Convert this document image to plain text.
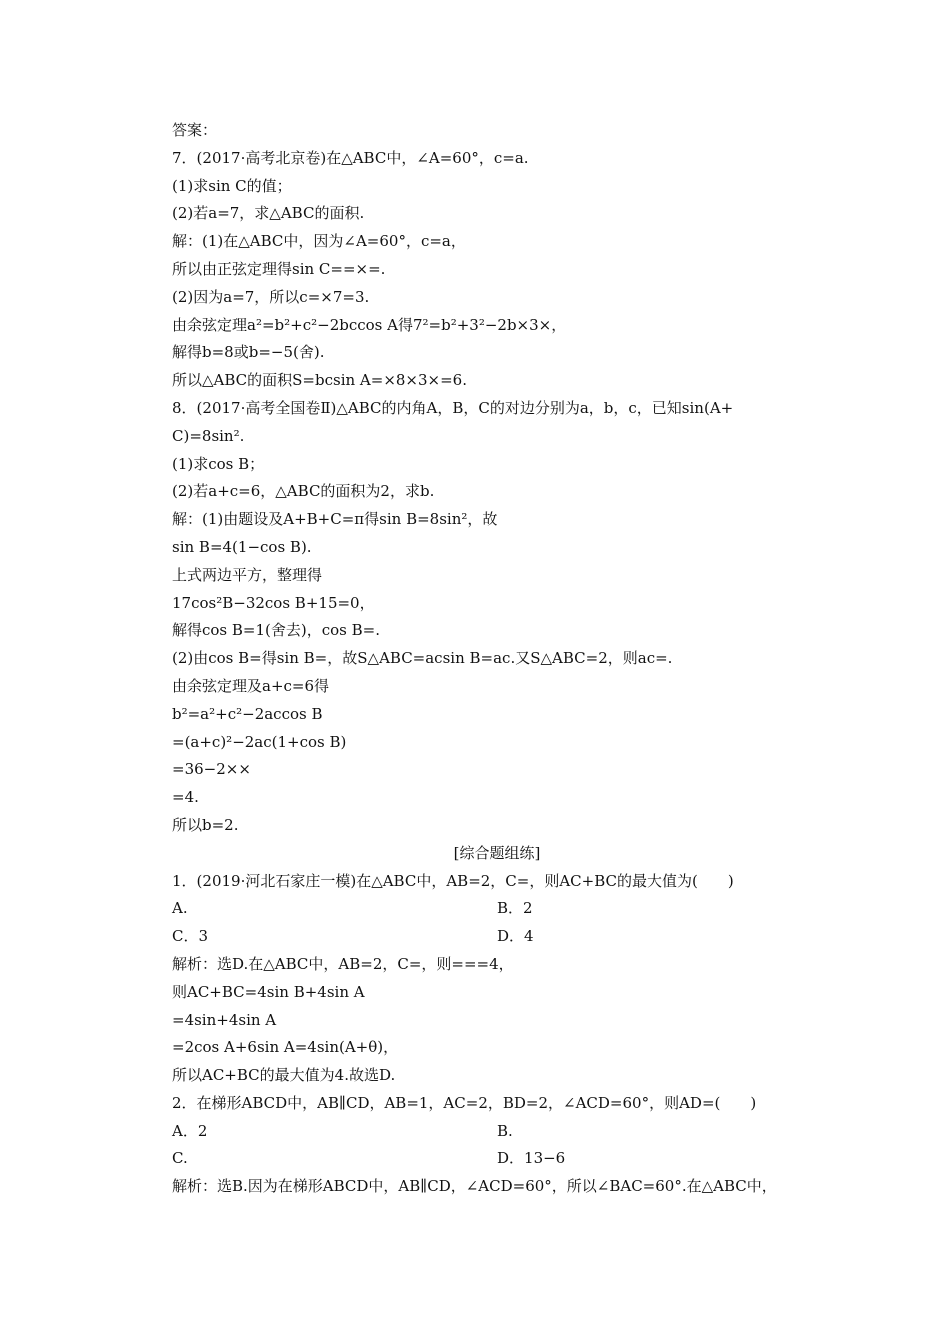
答案：
7．(2017·高考北京卷)在△ABC中，∠A=60°，c=a.
(1)求sin C的值；
(2)若a=7，求△ABC的面积.
解：(1)在△ABC中，因为∠A=60°，c=a，
所以由正弦定理得sin C==×=.
(2)因为a=7，所以c=×7=3.
由余弦定理a²=b²+c²−2bccos A得7²=b²+3²−2b×3×，
解得b=8或b=−5(舍).
所以△ABC的面积S=bcsin A=×8×3×=6.
8．(2017·高考全国卷Ⅱ)△ABC的内角A，B，C的对边分别为a，b，c，已知sin(A+
C)=8sin².
(1)求cos B；
(2)若a+c=6，△ABC的面积为2，求b.
解：(1)由题设及A+B+C=π得sin B=8sin²，故
sin B=4(1−cos B).
上式两边平方，整理得
17cos²B−32cos B+15=0，
解得cos B=1(舍去)，cos B=.
(2)由cos B=得sin B=，故S△ABC=acsin B=ac.又S△ABC=2，则ac=.
由余弦定理及a+c=6得
b²=a²+c²−2accos B
=(a+c)²−2ac(1+cos B)
=36−2××
=4.
所以b=2.
[综合题组练]
1．(2019·河北石家庄一模)在△ABC中，AB=2，C=，则AC+BC的最大值为(　　)
A.	B．2
C．3	D．4
解析：选D.在△ABC中，AB=2，C=，则===4，
则AC+BC=4sin B+4sin A
=4sin+4sin A
=2cos A+6sin A=4sin(A+θ)，
所以AC+BC的最大值为4.故选D.
2．在梯形ABCD中，AB∥CD，AB=1，AC=2，BD=2，∠ACD=60°，则AD=(　　)
A．2	B.
C.	D．13−6
解析：选B.因为在梯形ABCD中，AB∥CD，∠ACD=60°，所以∠BAC=60°.在△ABC中，
